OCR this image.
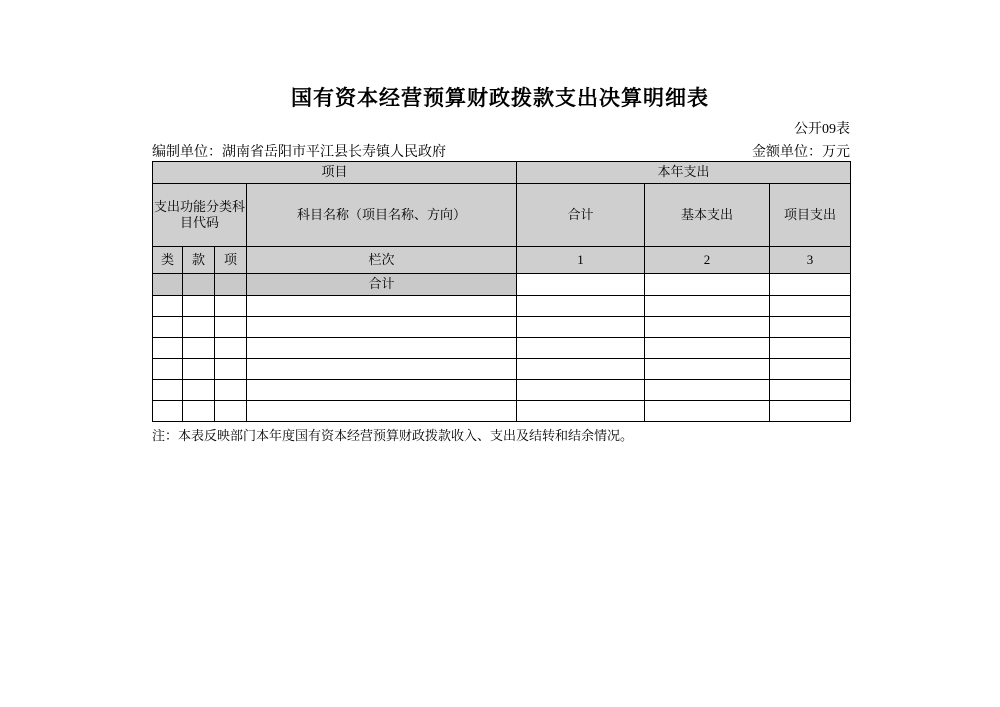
国有资本经营预算财政拨款支出决算明细表
公开09表
编制单位：湖南省岳阳市平江县长寿镇人民政府	金额单位：万元
项目				本年支出		
支出功能分类科目代码			科目名称（项目名称、方向）	合计	基本支出	项目支出
类	款	项	栏次	1	2	3
			合计			

注：本表反映部门本年度国有资本经营预算财政拨款收入、支出及结转和结余情况。
